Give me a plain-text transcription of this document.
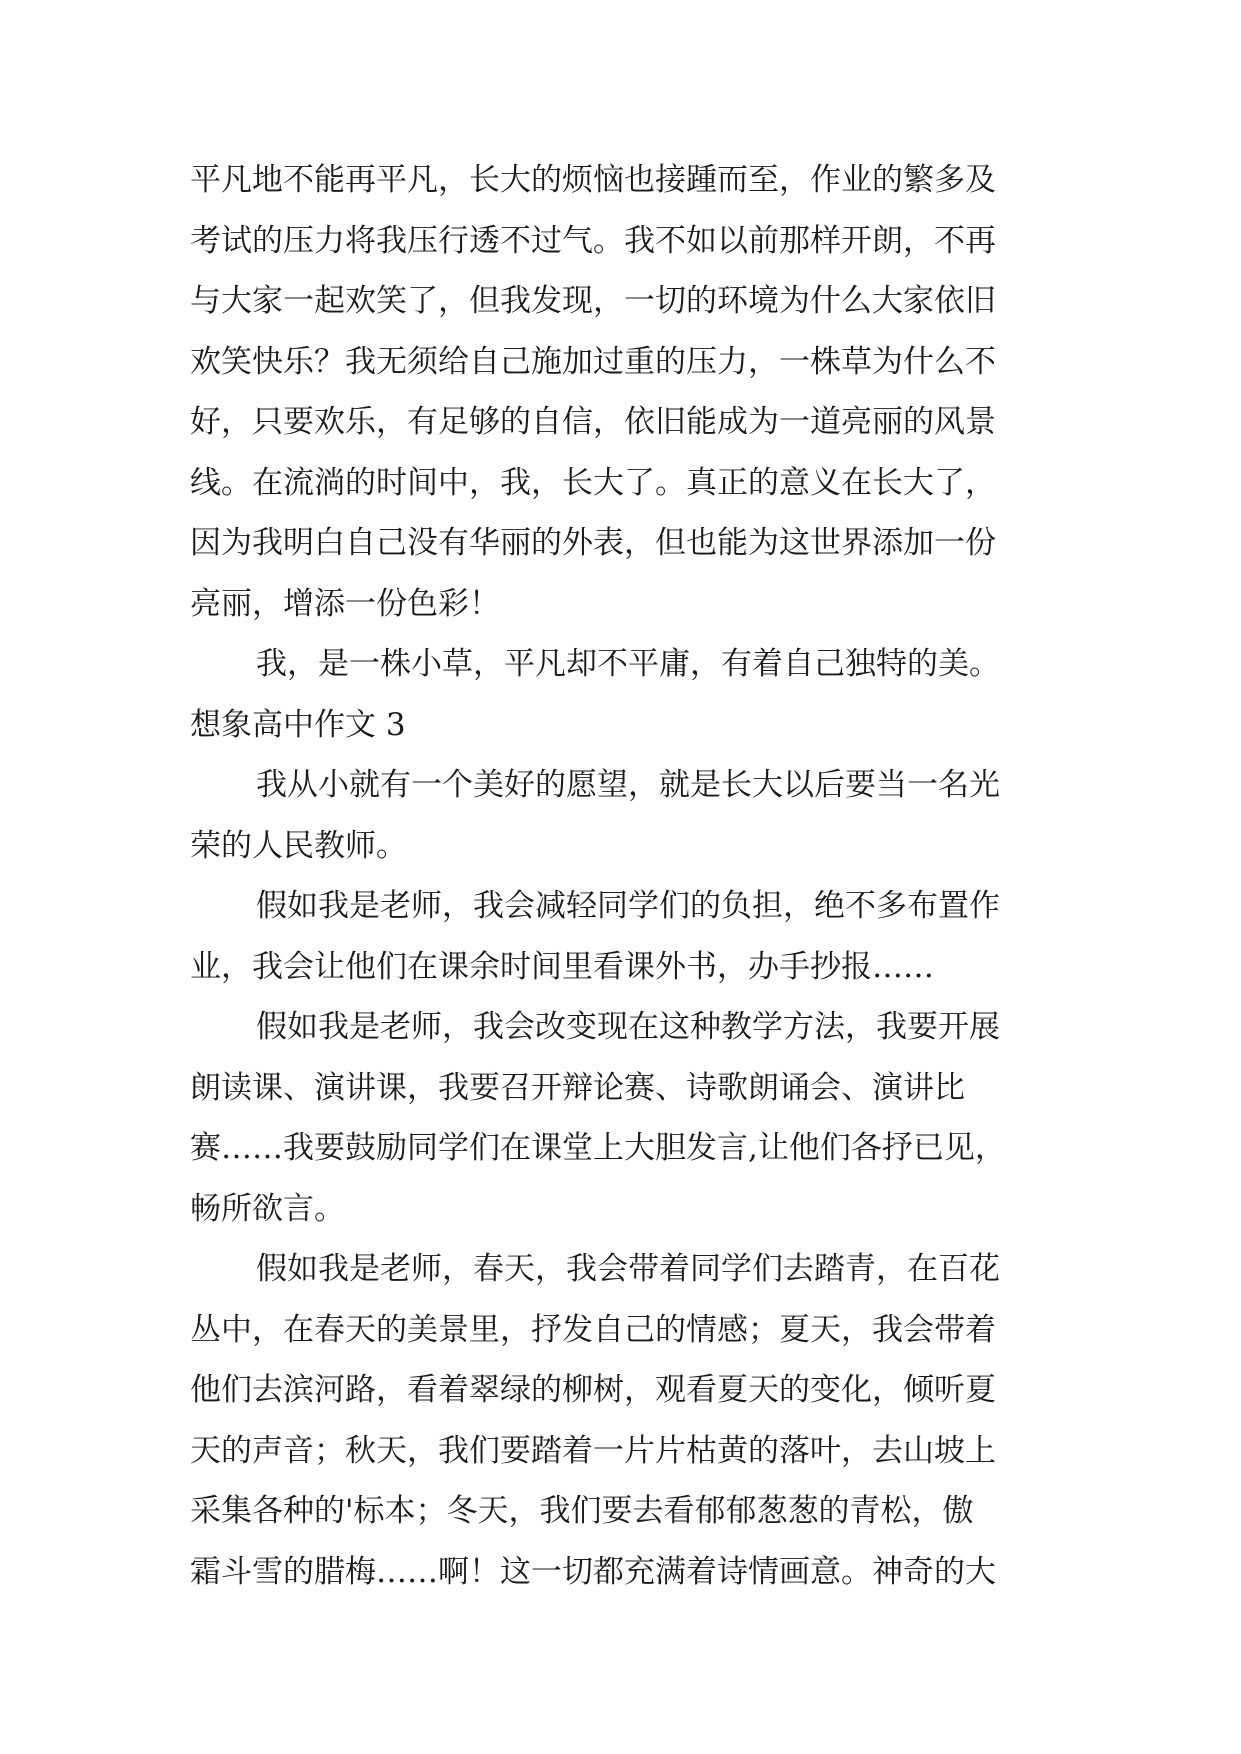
平凡地不能再平凡，长大的烦恼也接踵而至，作业的繁多及
考试的压力将我压行透不过气。我不如以前那样开朗，不再
与大家一起欢笑了，但我发现，一切的环境为什么大家依旧
欢笑快乐？我无须给自己施加过重的压力，一株草为什么不
好，只要欢乐，有足够的自信，依旧能成为一道亮丽的风景
线。在流淌的时间中，我，长大了。真正的意义在长大了，
因为我明白自己没有华丽的外表，但也能为这世界添加一份
亮丽，增添一份色彩！
我，是一株小草，平凡却不平庸，有着自己独特的美。
想象高中作文 3
我从小就有一个美好的愿望，就是长大以后要当一名光
荣的人民教师。
假如我是老师，我会减轻同学们的负担，绝不多布置作
业，我会让他们在课余时间里看课外书，办手抄报……
假如我是老师，我会改变现在这种教学方法，我要开展
朗读课、演讲课，我要召开辩论赛、诗歌朗诵会、演讲比
赛……我要鼓励同学们在课堂上大胆发言,让他们各抒已见，
畅所欲言。
假如我是老师，春天，我会带着同学们去踏青，在百花
丛中，在春天的美景里，抒发自己的情感；夏天，我会带着
他们去滨河路，看着翠绿的柳树，观看夏天的变化，倾听夏
天的声音；秋天，我们要踏着一片片枯黄的落叶，去山坡上
采集各种的'标本；冬天，我们要去看郁郁葱葱的青松，傲
霜斗雪的腊梅……啊！这一切都充满着诗情画意。神奇的大
